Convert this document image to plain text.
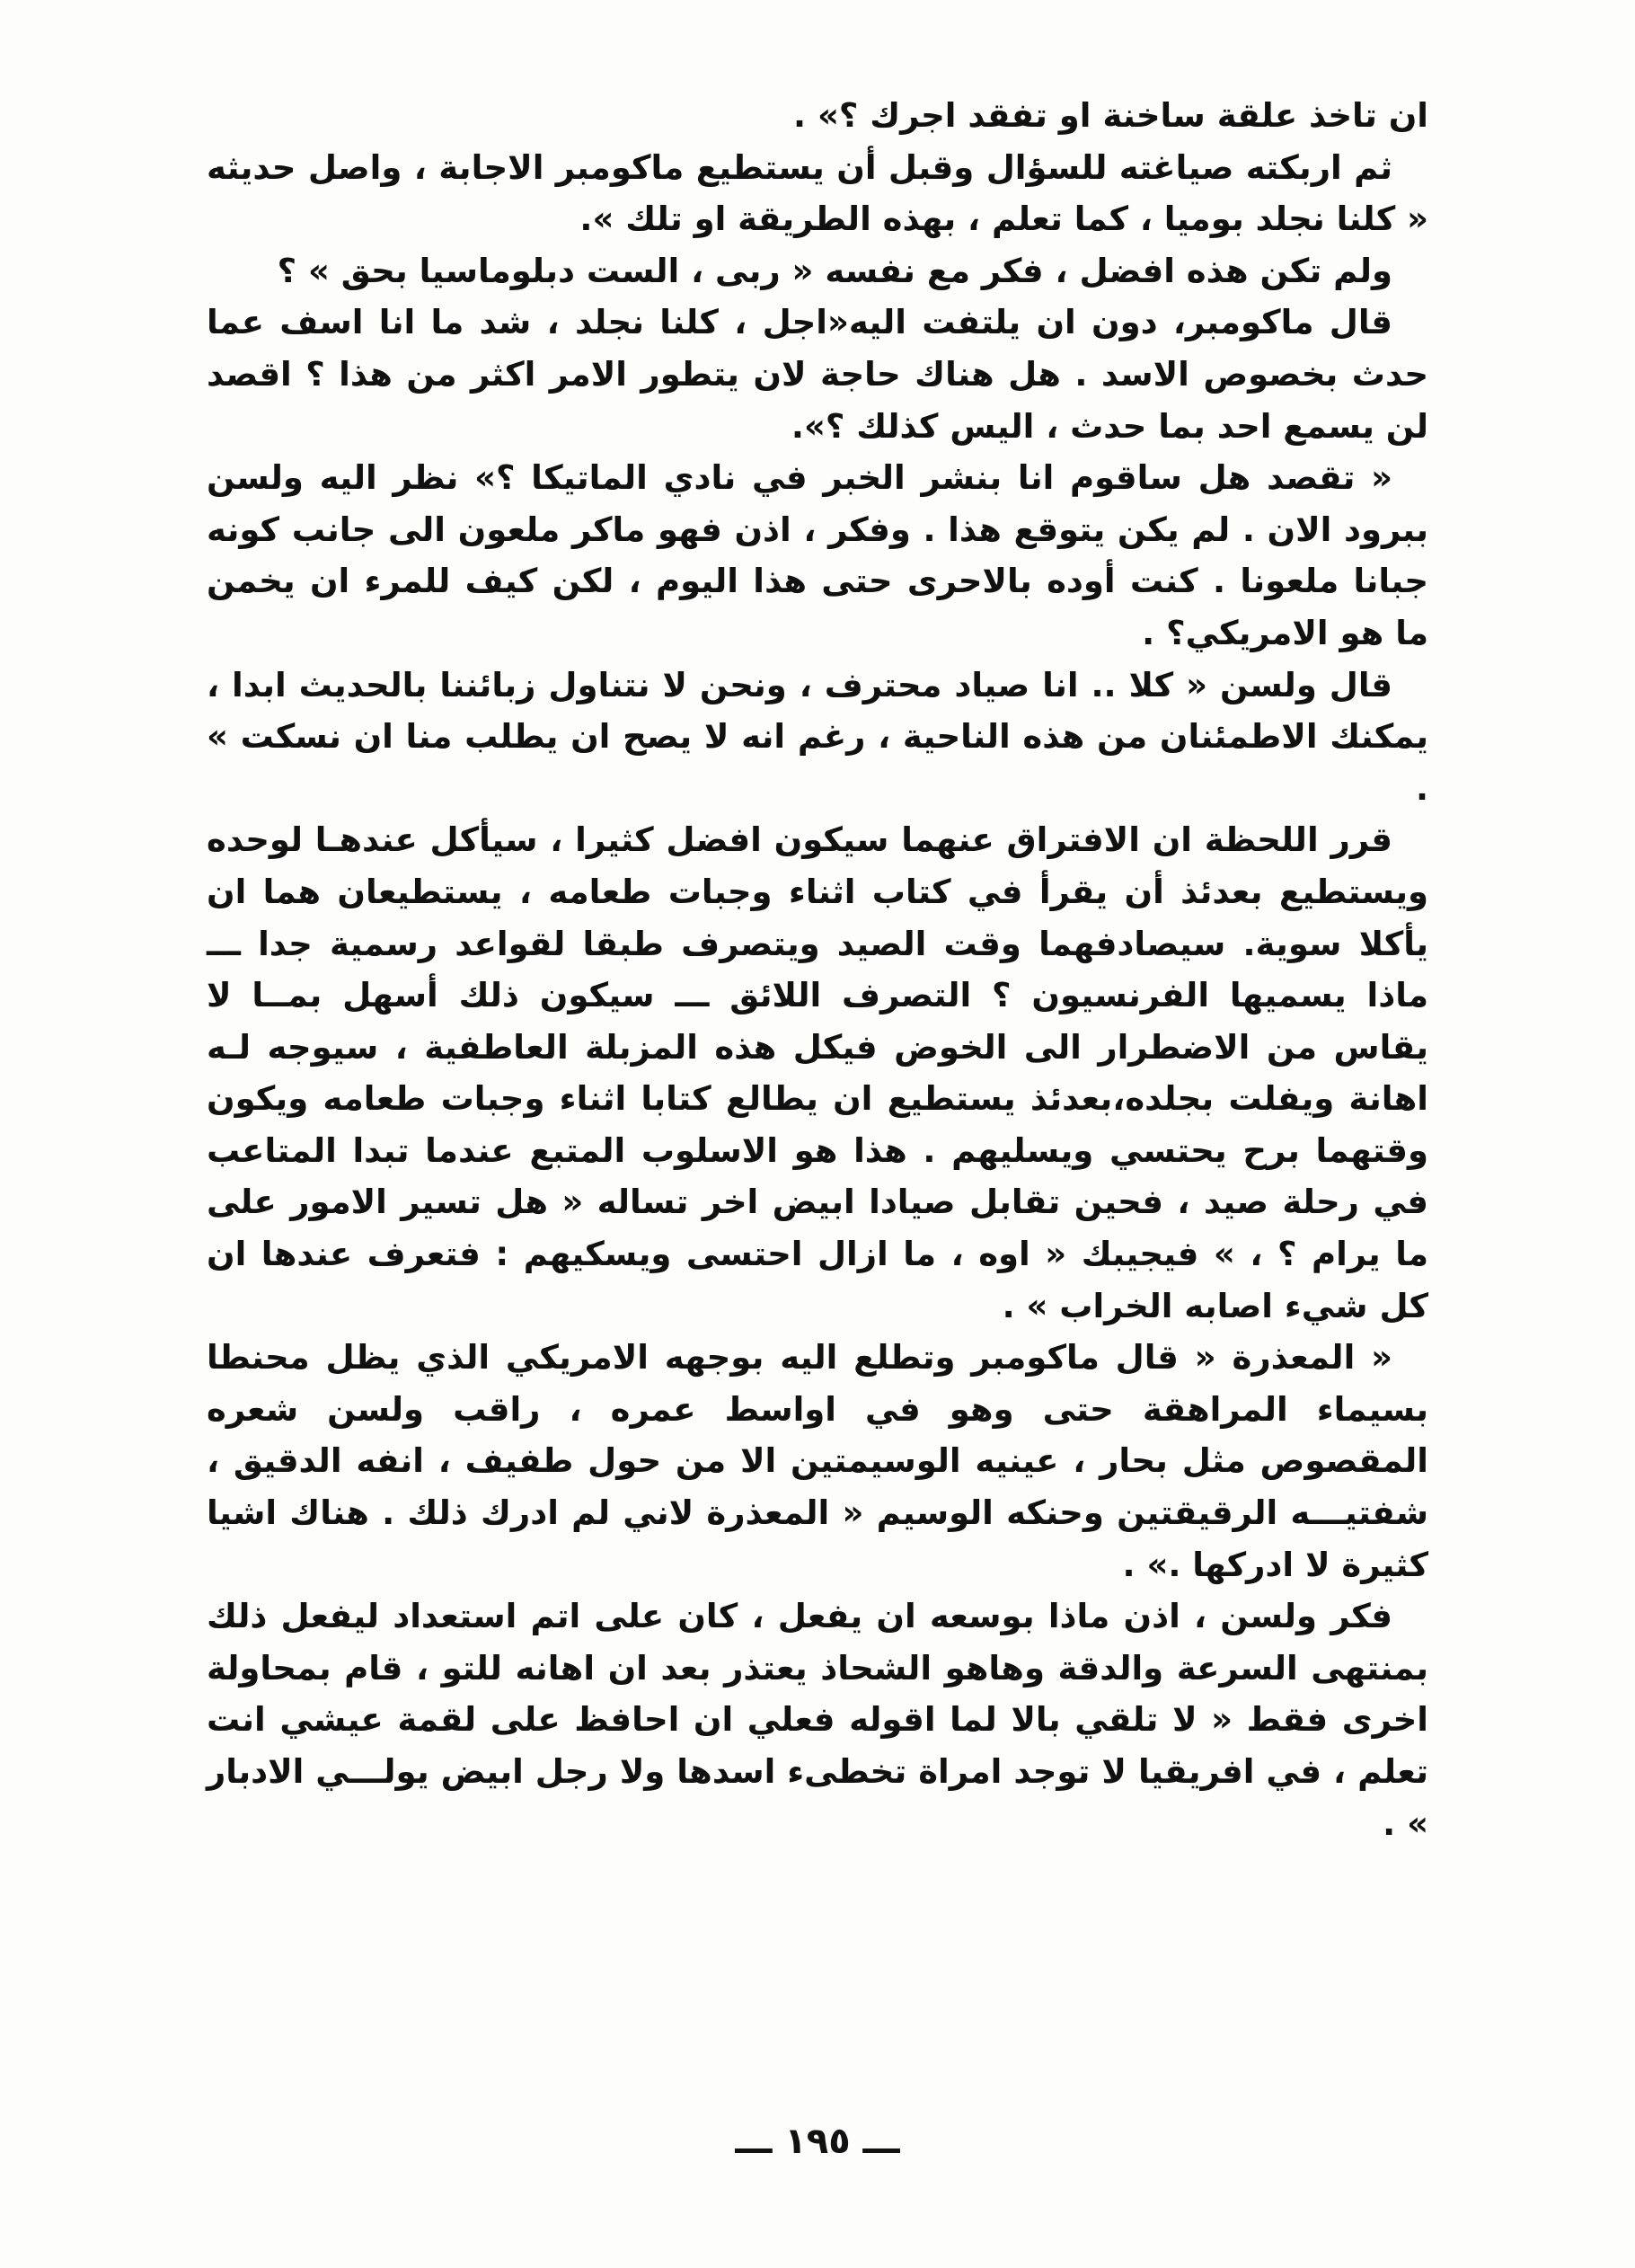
ان تاخذ علقة ساخنة او تفقد اجرك ؟» .

ثم اربكته صياغته للسؤال وقبل أن يستطيع ماكومبر الاجابة ، واصل حديثه « كلنا نجلد بوميا ، كما تعلم ، بهذه الطريقة او تلك ».

ولم تكن هذه افضل ، فكر مع نفسه « ربى ، الست دبلوماسيا بحق » ؟

قال ماكومبر، دون ان يلتفت اليه«اجل ، كلنا نجلد ، شد ما انا اسف عما حدث بخصوص الاسد . هل هناك حاجة لان يتطور الامر اكثر من هذا ؟ اقصد لن يسمع احد بما حدث ، اليس كذلك ؟».

« تقصد هل ساقوم انا بنشر الخبر في نادي الماتيكا ؟» نظر اليه ولسن ببرود الان . لم يكن يتوقع هذا . وفكر ، اذن فهو ماكر ملعون الى جانب كونه جبانا ملعونا . كنت أوده بالاحرى حتى هذا اليوم ، لكن كيف للمرء ان يخمن ما هو الامريكي؟ .

قال ولسن « كلا .. انا صياد محترف ، ونحن لا نتناول زبائننا بالحديث ابدا ، يمكنك الاطمئنان من هذه الناحية ، رغم انه لا يصح ان يطلب منا ان نسكت » .

قرر اللحظة ان الافتراق عنهما سيكون افضل كثيرا ، سيأكل عندهـا لوحده ويستطيع بعدئذ أن يقرأ في كتاب اثناء وجبات طعامه ، يستطيعان هما ان يأكلا سوية. سيصادفهما وقت الصيد ويتصرف طبقا لقواعد رسمية جدا ـــ ماذا يسميها الفرنسيون ؟ التصرف اللائق ـــ سيكون ذلك أسهل بمــا لا يقاس من الاضطرار الى الخوض فيكل هذه المزبلة العاطفية ، سيوجه لـه اهانة ويفلت بجلده،بعدئذ يستطيع ان يطالع كتابا اثناء وجبات طعامه ويكون وقتهما برح يحتسي ويسليهم . هذا هو الاسلوب المتبع عندما تبدا المتاعب في رحلة صيد ، فحين تقابل صيادا ابيض اخر تساله « هل تسير الامور على ما يرام ؟ ، » فيجيبك « اوه ، ما ازال احتسى ويسكيهم : فتعرف عندها ان كل شيء اصابه الخراب » .

« المعذرة « قال ماكومبر وتطلع اليه بوجهه الامريكي الذي يظل محنطا بسيماء المراهقة حتى وهو في اواسط عمره ، راقب ولسن شعره المقصوص مثل بحار ، عينيه الوسيمتين الا من حول طفيف ، انفه الدقيق ، شفتيـــه الرقيقتين وحنكه الوسيم « المعذرة لاني لم ادرك ذلك . هناك اشيا كثيرة لا ادركها .» .

فكر ولسن ، اذن ماذا بوسعه ان يفعل ، كان على اتم استعداد ليفعل ذلك بمنتهى السرعة والدقة وهاهو الشحاذ يعتذر بعد ان اهانه للتو ، قام بمحاولة اخرى فقط « لا تلقي بالا لما اقوله فعلي ان احافظ على لقمة عيشي انت تعلم ، في افريقيا لا توجد امراة تخطىء اسدها ولا رجل ابيض يولـــي الادبار » .

ـــ ١٩٥ ـــ
